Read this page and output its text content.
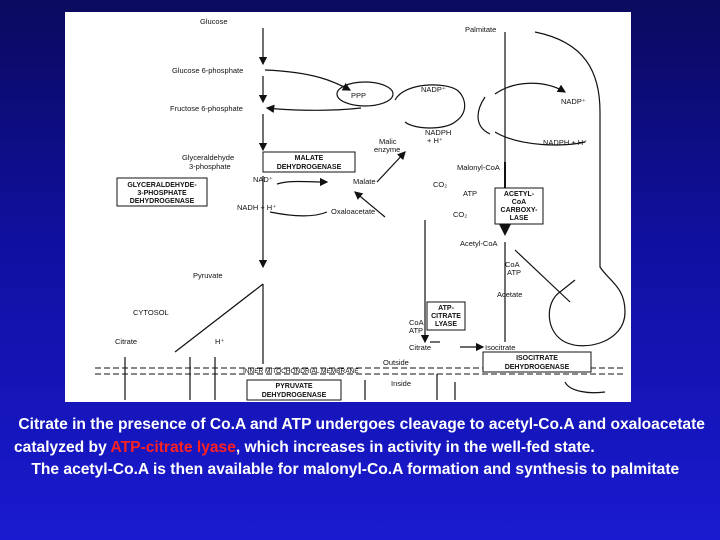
MALATE
DEHYDROGENASE
GLYCERALDEHYDE-
3-PHOSPHATE
DEHYDROGENASE
ACETYL-
CoA
CARBOXY-
LASE
ATP-
CITRATE
LYASE
ISOCITRATE
DEHYDROGENASE
PYRUVATE
DEHYDROGENASE
Glucose
Glucose 6-phosphate
Fructose 6-phosphate
Glyceraldehyde
3-phosphate
PPP
NADP⁺
NADP⁺
NADPH
+ H⁺	NADPH + H⁺
Malic
enzyme
Palmitate
Malonyl-CoA
CO₂
ATP
CO₂
NAD⁺	Malate
NADH + H⁺	Oxaloacetate
Acetyl-CoA
CoA
ATP
Acetate
Pyruvate
CYTOSOL
CoA
ATP
Citrate	H⁺
Citrate	Isocitrate
Outside
INNER MITOCHONDRIAL MEMBRANE
Inside

Citrate in the presence of Co.A and ATP undergoes cleavage to acetyl-Co.A and oxaloacetate catalyzed by ATP-citrate lyase, which increases in activity in the well-fed state.

The acetyl-Co.A is then available for malonyl-Co.A formation and synthesis to palmitate
